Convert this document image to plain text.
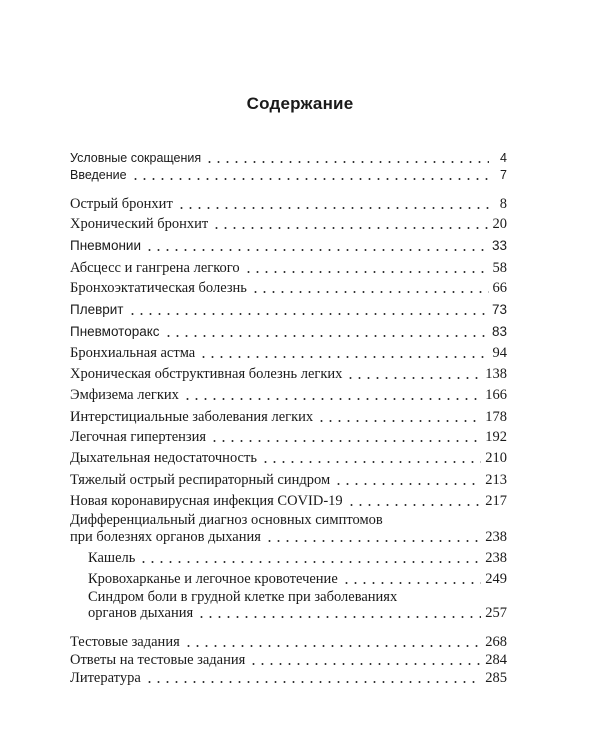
Содержание
Условные сокращения	4
Введение	7
Острый бронхит	8
Хронический бронхит	20
Пневмонии	33
Абсцесс и гангрена легкого	58
Бронхоэктатическая болезнь	66
Плеврит	73
Пневмоторакс	83
Бронхиальная астма	94
Хроническая обструктивная болезнь легких	138
Эмфизема легких	166
Интерстициальные заболевания легких	178
Легочная гипертензия	192
Дыхательная недостаточность	210
Тяжелый острый респираторный синдром	213
Новая коронавирусная инфекция COVID-19	217
Дифференциальный диагноз основных симптомов
при болезнях органов дыхания	238
Кашель	238
Кровохарканье и легочное кровотечение	249
Синдром боли в грудной клетке при заболеваниях
органов дыхания	257
Тестовые задания	268
Ответы на тестовые задания	284
Литература	285
